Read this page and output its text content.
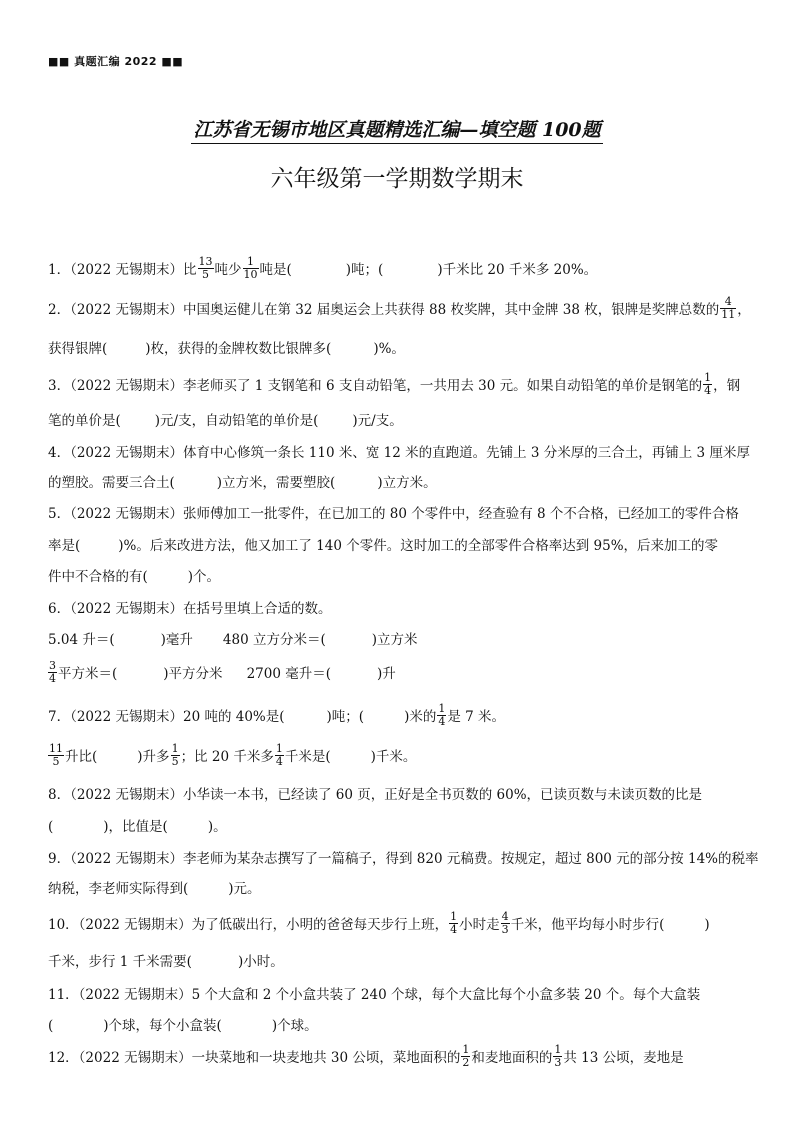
■■ 真题汇编 2022 ■■
江苏省无锡市地区真题精选汇编—填空题 100题
六年级第一学期数学期末
1．（2022 无锡期末）比 $\frac{13}{5}$ 吨少 $\frac{1}{10}$ 吨是(	)吨；(	)千米比 20 千米多 20%。
2．（2022 无锡期末）中国奥运健儿在第 32 届奥运会上共获得 88 枚奖牌，其中金牌 38 枚，银牌是奖牌总数的 $\frac{4}{11}$ ，
获得银牌(	)枚，获得的金牌枚数比银牌多(	)%。
3．（2022 无锡期末）李老师买了 1 支钢笔和 6 支自动铅笔，一共用去 30 元。如果自动铅笔的单价是钢笔的 $\frac{1}{4}$ ，钢
笔的单价是(	)元/支，自动铅笔的单价是(	)元/支。
4．（2022 无锡期末）体育中心修筑一条长 110 米、宽 12 米的直跑道。先铺上 3 分米厚的三合土，再铺上 3 厘米厚
的塑胶。需要三合土(	)立方米，需要塑胶(	)立方米。
5．（2022 无锡期末）张师傅加工一批零件，在已加工的 80 个零件中，经查验有 8 个不合格，已经加工的零件合格
率是(	)%。后来改进方法，他又加工了 140 个零件。这时加工的全部零件合格率达到 95%，后来加工的零
件中不合格的有(	)个。
6．（2022 无锡期末）在括号里填上合适的数。
5.04 升＝(	)毫升 480 立方分米＝(	)立方米
$\frac{3}{4}$ 平方米＝(	)平方分米 2700 毫升＝(	)升
7．（2022 无锡期末）20 吨的 40%是(	)吨；(	)米的 $\frac{1}{4}$ 是 7 米。
$\frac{11}{5}$ 升比(	)升多 $\frac{1}{5}$ ；比 20 千米多 $\frac{1}{4}$ 千米是(	)千米。
8．（2022 无锡期末）小华读一本书，已经读了 60 页，正好是全书页数的 60%，已读页数与未读页数的比是
(	)，比值是(	)。
9．（2022 无锡期末）李老师为某杂志撰写了一篇稿子，得到 820 元稿费。按规定，超过 800 元的部分按 14%的税率
纳税，李老师实际得到(	)元。
10．（2022 无锡期末）为了低碳出行，小明的爸爸每天步行上班， $\frac{1}{4}$ 小时走 $\frac{4}{3}$ 千米，他平均每小时步行(	)
千米，步行 1 千米需要(	)小时。
11．（2022 无锡期末）5 个大盒和 2 个小盒共装了 240 个球，每个大盒比每个小盒多装 20 个。每个大盒装
(	)个球，每个小盒装(	)个球。
12．（2022 无锡期末）一块菜地和一块麦地共 30 公顷，菜地面积的 $\frac{1}{2}$ 和麦地面积的 $\frac{1}{3}$ 共 13 公顷，麦地是
